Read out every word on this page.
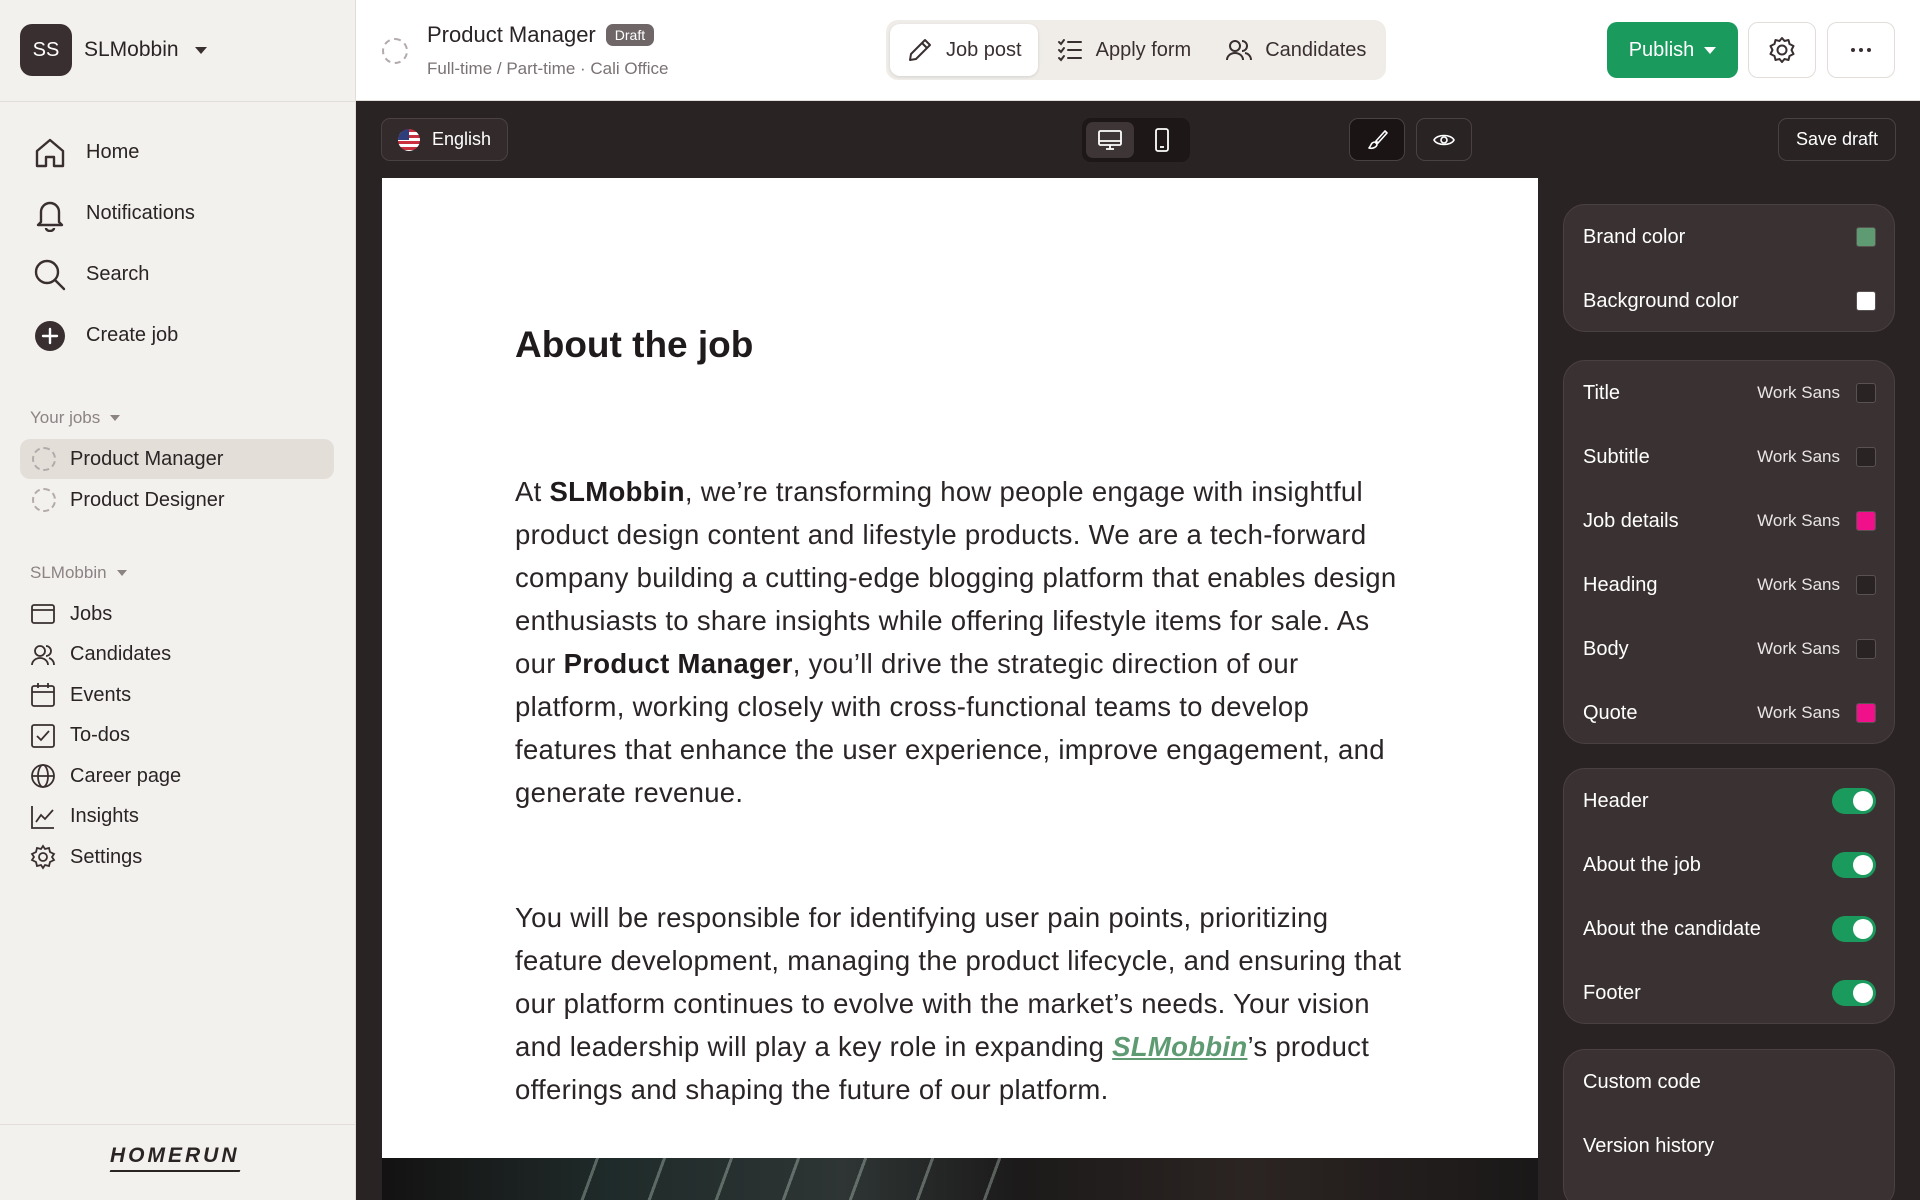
SS	SLMobbin
Home
Notifications
Search
Create job
Your jobs
Product Manager
Product Designer
SLMobbin
Jobs
Candidates
Events
To-dos
Career page
Insights
Settings
HOMERUN
Product Manager	Draft
Full-time / Part-time · Cali Office
Job post	Apply form	Candidates	Publish
English	Save draft
About the job

At SLMobbin, we’re transforming how people engage with insightful product design content and lifestyle products. We are a tech-forward company building a cutting-edge blogging platform that enables design enthusiasts to share insights while offering lifestyle items for sale. As our Product Manager, you’ll drive the strategic direction of our platform, working closely with cross-functional teams to develop features that enhance the user experience, improve engagement, and generate revenue.

You will be responsible for identifying user pain points, prioritizing feature development, managing the product lifecycle, and ensuring that our platform continues to evolve with the market’s needs. Your vision and leadership will play a key role in expanding SLMobbin’s product offerings and shaping the future of our platform.

Brand color
Background color
Title	Work Sans
Subtitle	Work Sans
Job details	Work Sans
Heading	Work Sans
Body	Work Sans
Quote	Work Sans
Header
About the job
About the candidate
Footer
Custom code
Version history
